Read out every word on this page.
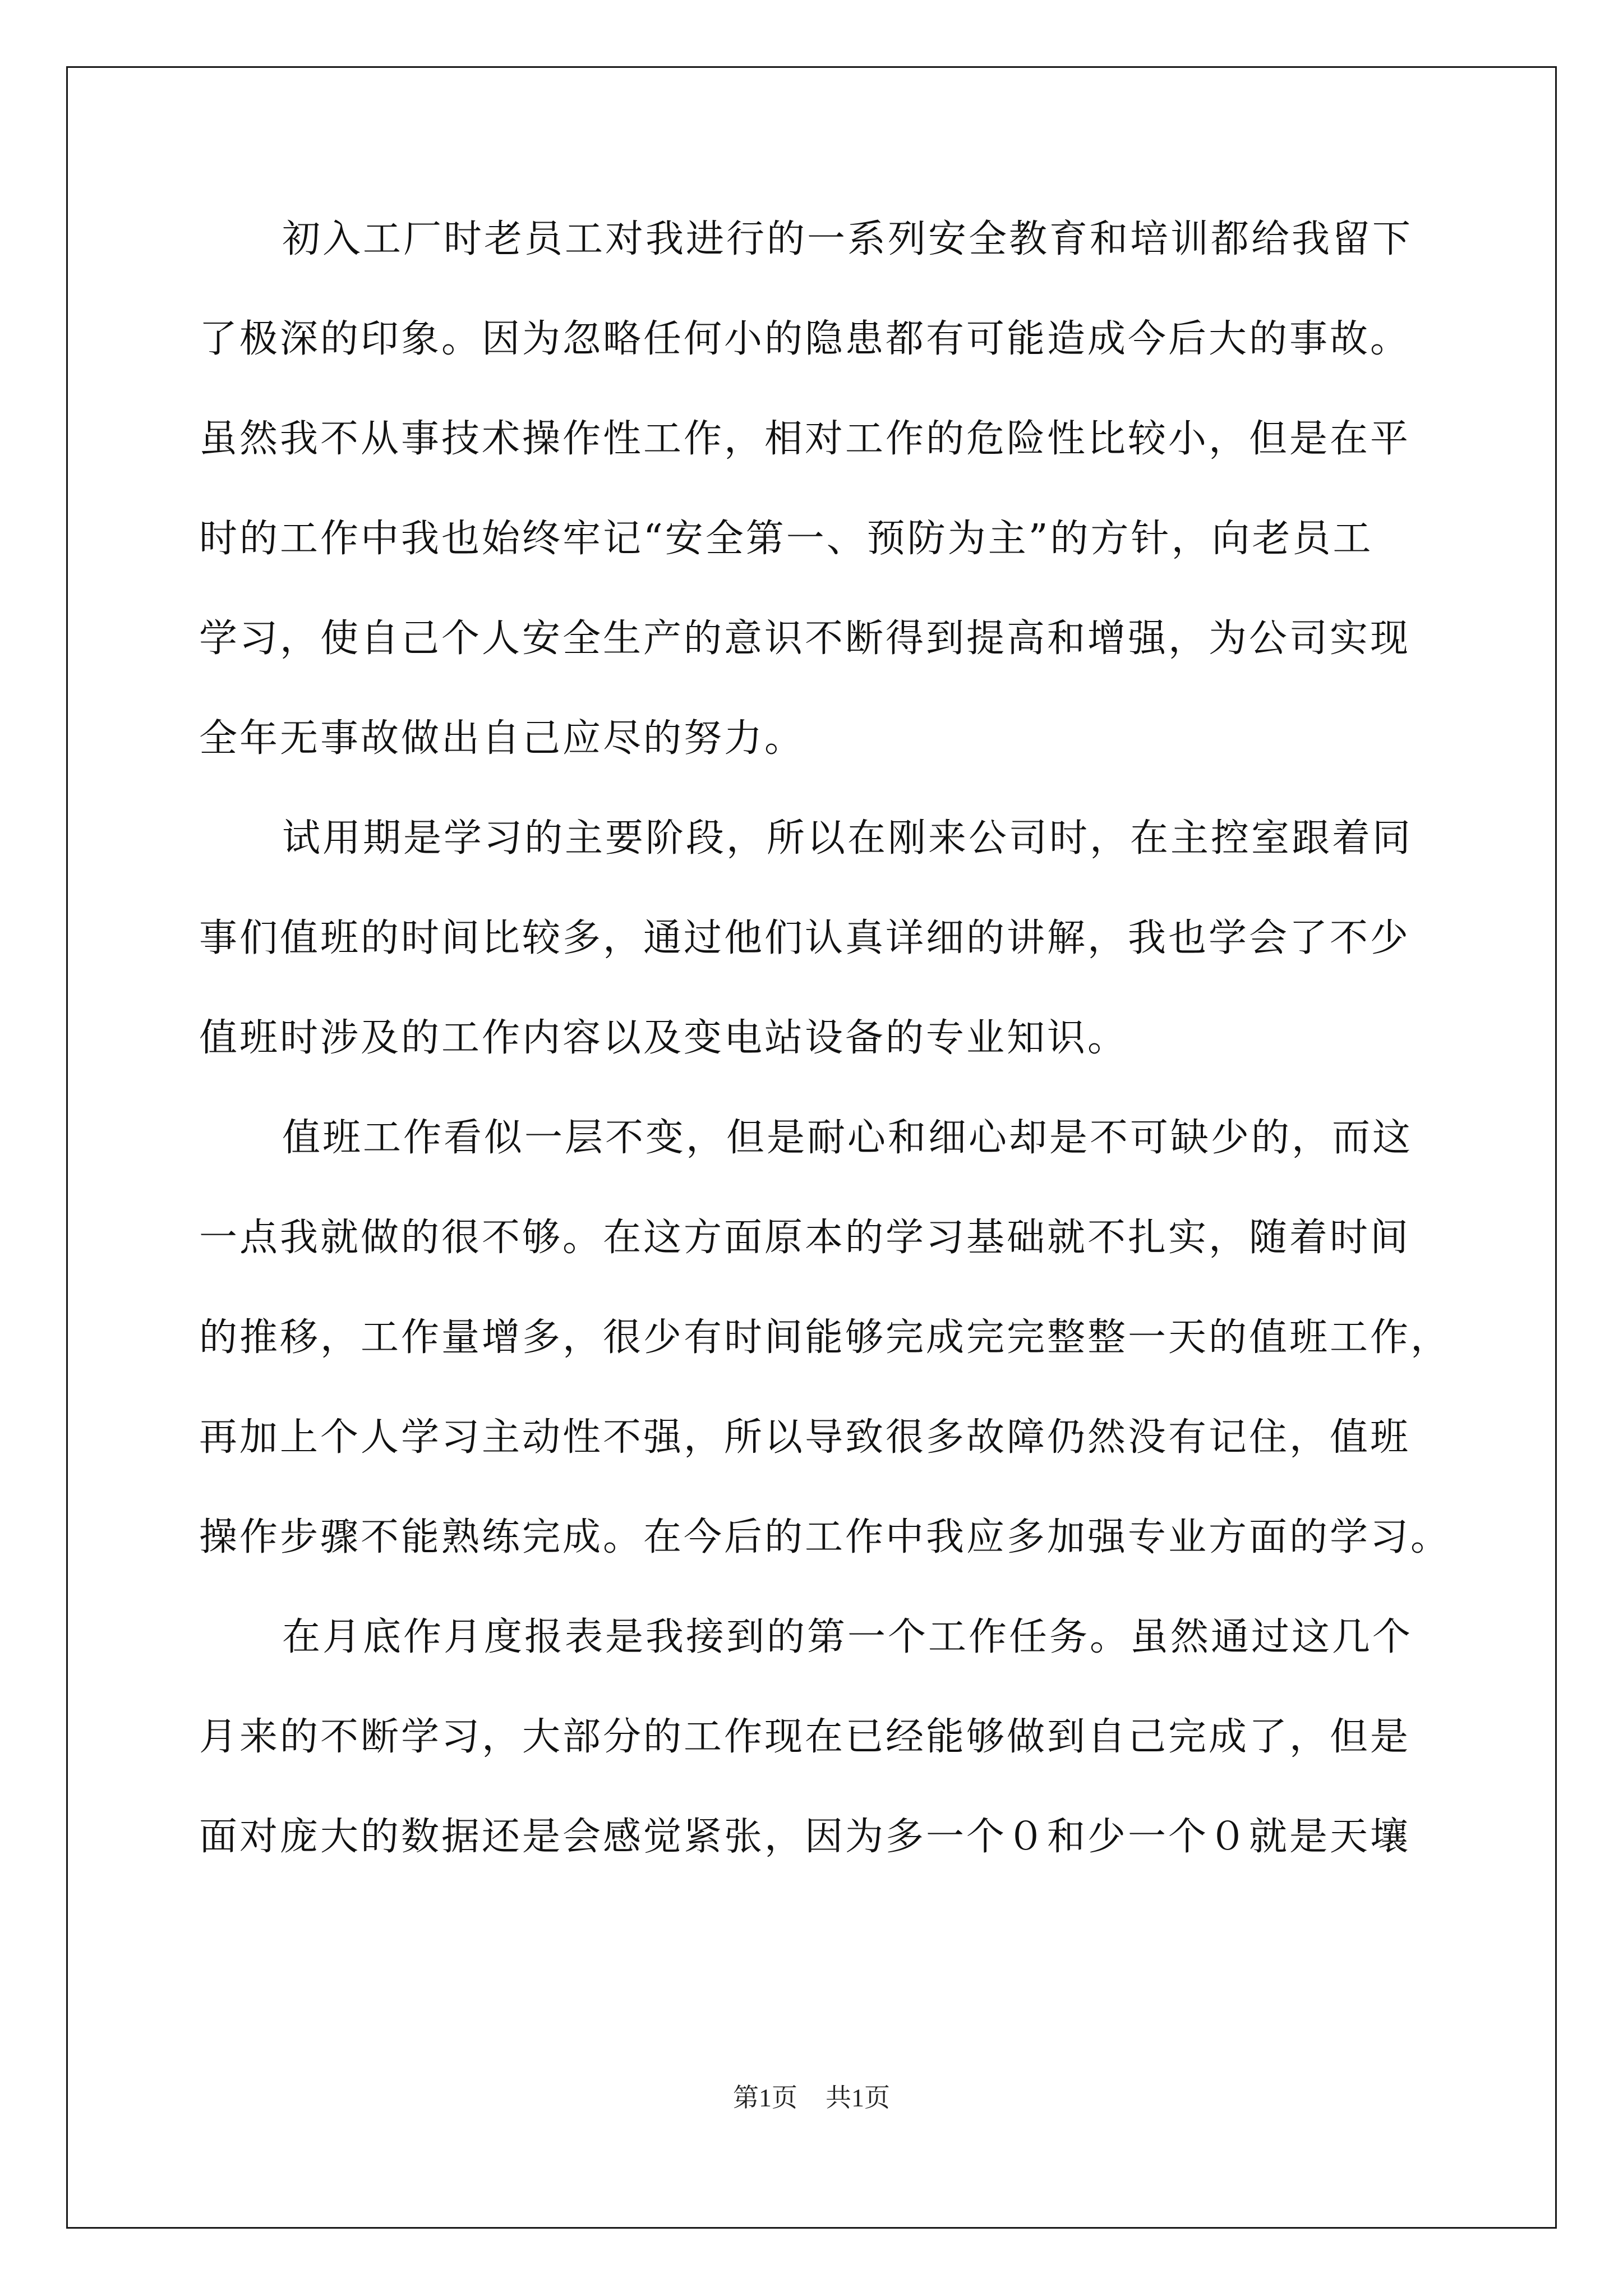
初入工厂时老员工对我进行的一系列安全教育和培训都给我留下
了极深的印象。因为忽略任何小的隐患都有可能造成今后大的事故。
虽然我不从事技术操作性工作，相对工作的危险性比较小，但是在平
时的工作中我也始终牢记“安全第一、预防为主”的方针，向老员工
学习，使自己个人安全生产的意识不断得到提高和增强，为公司实现
全年无事故做出自己应尽的努力。
试用期是学习的主要阶段，所以在刚来公司时，在主控室跟着同
事们值班的时间比较多，通过他们认真详细的讲解，我也学会了不少
值班时涉及的工作内容以及变电站设备的专业知识。
值班工作看似一层不变，但是耐心和细心却是不可缺少的，而这
一点我就做的很不够。在这方面原本的学习基础就不扎实，随着时间
的推移，工作量增多，很少有时间能够完成完完整整一天的值班工作，
再加上个人学习主动性不强，所以导致很多故障仍然没有记住，值班
操作步骤不能熟练完成。在今后的工作中我应多加强专业方面的学习。
在月底作月度报表是我接到的第一个工作任务。虽然通过这几个
月来的不断学习，大部分的工作现在已经能够做到自己完成了，但是
面对庞大的数据还是会感觉紧张，因为多一个０和少一个０就是天壤
第1页 共1页
